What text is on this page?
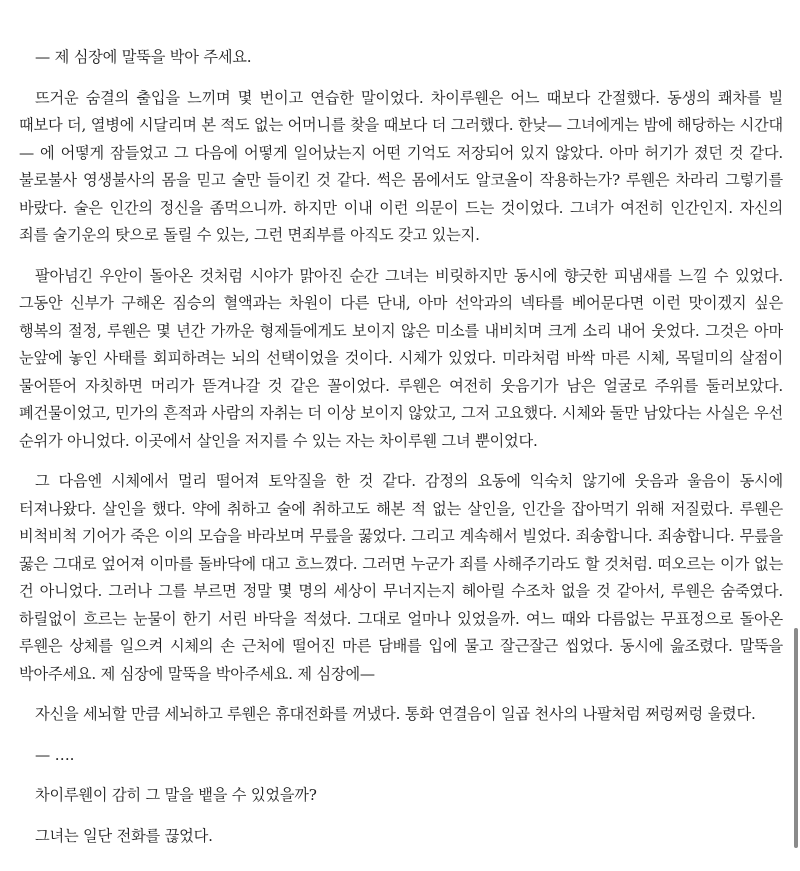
— 제 심장에 말뚝을 박아 주세요.

뜨거운 숨결의 출입을 느끼며 몇 번이고 연습한 말이었다. 차이루웬은 어느 때보다 간절했다. 동생의 쾌차를 빌 때보다 더, 열병에 시달리며 본 적도 없는 어머니를 찾을 때보다 더 그러했다. 한낮— 그녀에게는 밤에 해당하는 시간대— 에 어떻게 잠들었고 그 다음에 어떻게 일어났는지 어떤 기억도 저장되어 있지 않았다. 아마 허기가 졌던 것 같다. 불로불사 영생불사의 몸을 믿고 술만 들이킨 것 같다. 썩은 몸에서도 알코올이 작용하는가? 루웬은 차라리 그렇기를 바랐다. 술은 인간의 정신을 좀먹으니까. 하지만 이내 이런 의문이 드는 것이었다. 그녀가 여전히 인간인지. 자신의 죄를 술기운의 탓으로 돌릴 수 있는, 그런 면죄부를 아직도 갖고 있는지.

팔아넘긴 우안이 돌아온 것처럼 시야가 맑아진 순간 그녀는 비릿하지만 동시에 향긋한 피냄새를 느낄 수 있었다. 그동안 신부가 구해온 짐승의 혈액과는 차원이 다른 단내, 아마 선악과의 넥타를 베어문다면 이런 맛이겠지 싶은 행복의 절정, 루웬은 몇 년간 가까운 형제들에게도 보이지 않은 미소를 내비치며 크게 소리 내어 웃었다. 그것은 아마 눈앞에 놓인 사태를 회피하려는 뇌의 선택이었을 것이다. 시체가 있었다. 미라처럼 바싹 마른 시체, 목덜미의 살점이 물어뜯어 자칫하면 머리가 뜯겨나갈 것 같은 꼴이었다. 루웬은 여전히 웃음기가 남은 얼굴로 주위를 둘러보았다. 폐건물이었고, 민가의 흔적과 사람의 자취는 더 이상 보이지 않았고, 그저 고요했다. 시체와 둘만 남았다는 사실은 우선 순위가 아니었다. 이곳에서 살인을 저지를 수 있는 자는 차이루웬 그녀 뿐이었다.

그 다음엔 시체에서 멀리 떨어져 토악질을 한 것 같다. 감정의 요동에 익숙치 않기에 웃음과 울음이 동시에 터져나왔다. 살인을 했다. 약에 취하고 술에 취하고도 해본 적 없는 살인을, 인간을 잡아먹기 위해 저질렀다. 루웬은 비척비척 기어가 죽은 이의 모습을 바라보며 무릎을 꿇었다. 그리고 계속해서 빌었다. 죄송합니다. 죄송합니다. 무릎을 꿇은 그대로 엎어져 이마를 돌바닥에 대고 흐느꼈다. 그러면 누군가 죄를 사해주기라도 할 것처럼. 떠오르는 이가 없는 건 아니었다. 그러나 그를 부르면 정말 몇 명의 세상이 무너지는지 헤아릴 수조차 없을 것 같아서, 루웬은 숨죽였다. 하릴없이 흐르는 눈물이 한기 서린 바닥을 적셨다. 그대로 얼마나 있었을까. 여느 때와 다름없는 무표정으로 돌아온 루웬은 상체를 일으켜 시체의 손 근처에 떨어진 마른 담배를 입에 물고 잘근잘근 씹었다. 동시에 읊조렸다. 말뚝을 박아주세요. 제 심장에 말뚝을 박아주세요. 제 심장에—

자신을 세뇌할 만큼 세뇌하고 루웬은 휴대전화를 꺼냈다. 통화 연결음이 일곱 천사의 나팔처럼 쩌렁쩌렁 울렸다.

— ….

차이루웬이 감히 그 말을 뱉을 수 있었을까?

그녀는 일단 전화를 끊었다.
